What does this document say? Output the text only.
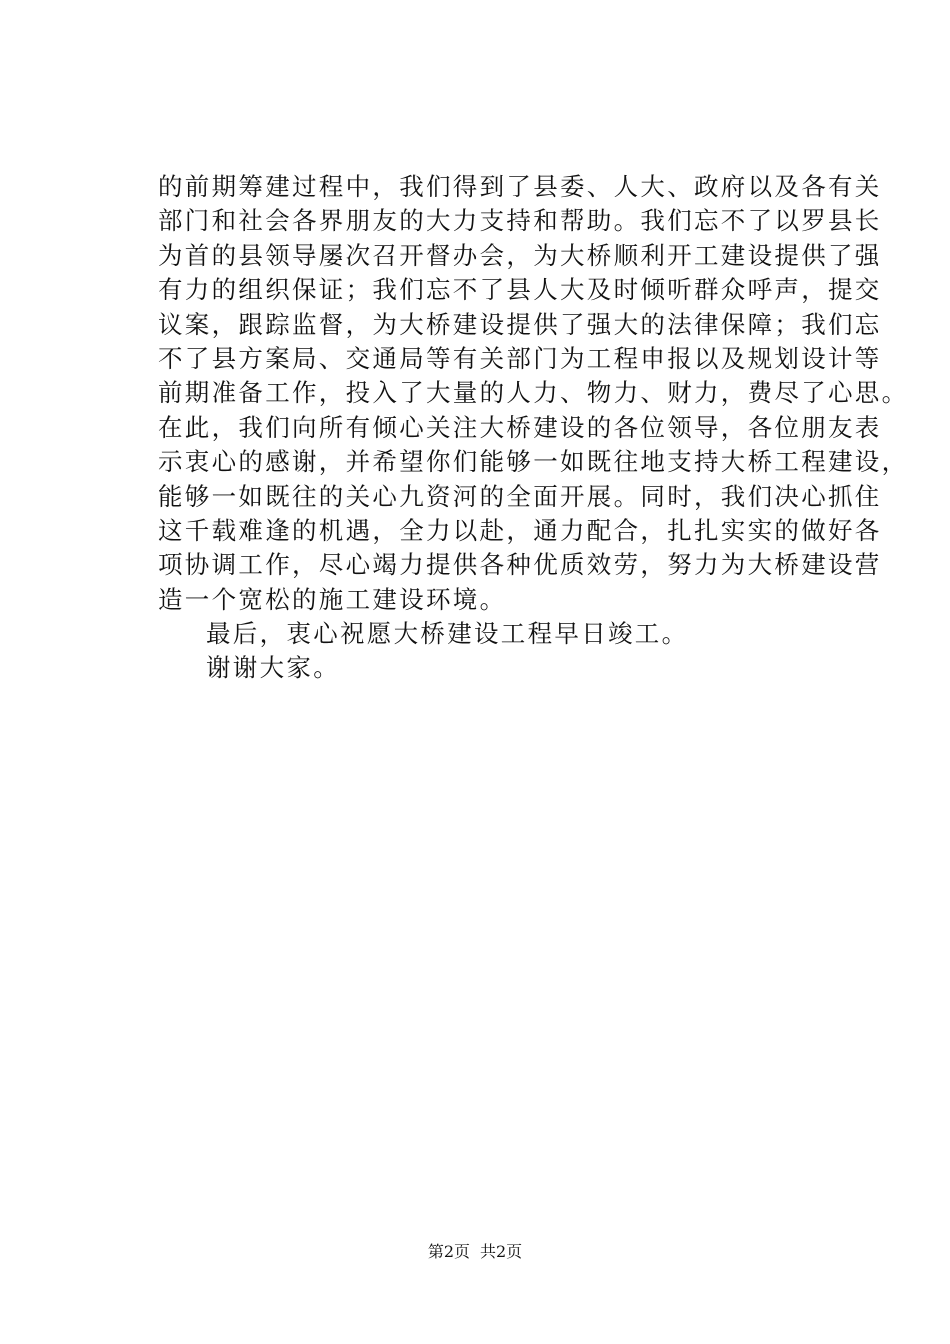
的前期筹建过程中，我们得到了县委、人大、政府以及各有关
部门和社会各界朋友的大力支持和帮助。我们忘不了以罗县长
为首的县领导屡次召开督办会，为大桥顺利开工建设提供了强
有力的组织保证；我们忘不了县人大及时倾听群众呼声，提交
议案，跟踪监督，为大桥建设提供了强大的法律保障；我们忘
不了县方案局、交通局等有关部门为工程申报以及规划设计等
前期准备工作，投入了大量的人力、物力、财力，费尽了心思。
在此，我们向所有倾心关注大桥建设的各位领导，各位朋友表
示衷心的感谢，并希望你们能够一如既往地支持大桥工程建设，
能够一如既往的关心九资河的全面开展。同时，我们决心抓住
这千载难逢的机遇，全力以赴，通力配合，扎扎实实的做好各
项协调工作，尽心竭力提供各种优质效劳，努力为大桥建设营
造一个宽松的施工建设环境。
最后，衷心祝愿大桥建设工程早日竣工。
谢谢大家。
第2页 共2页
